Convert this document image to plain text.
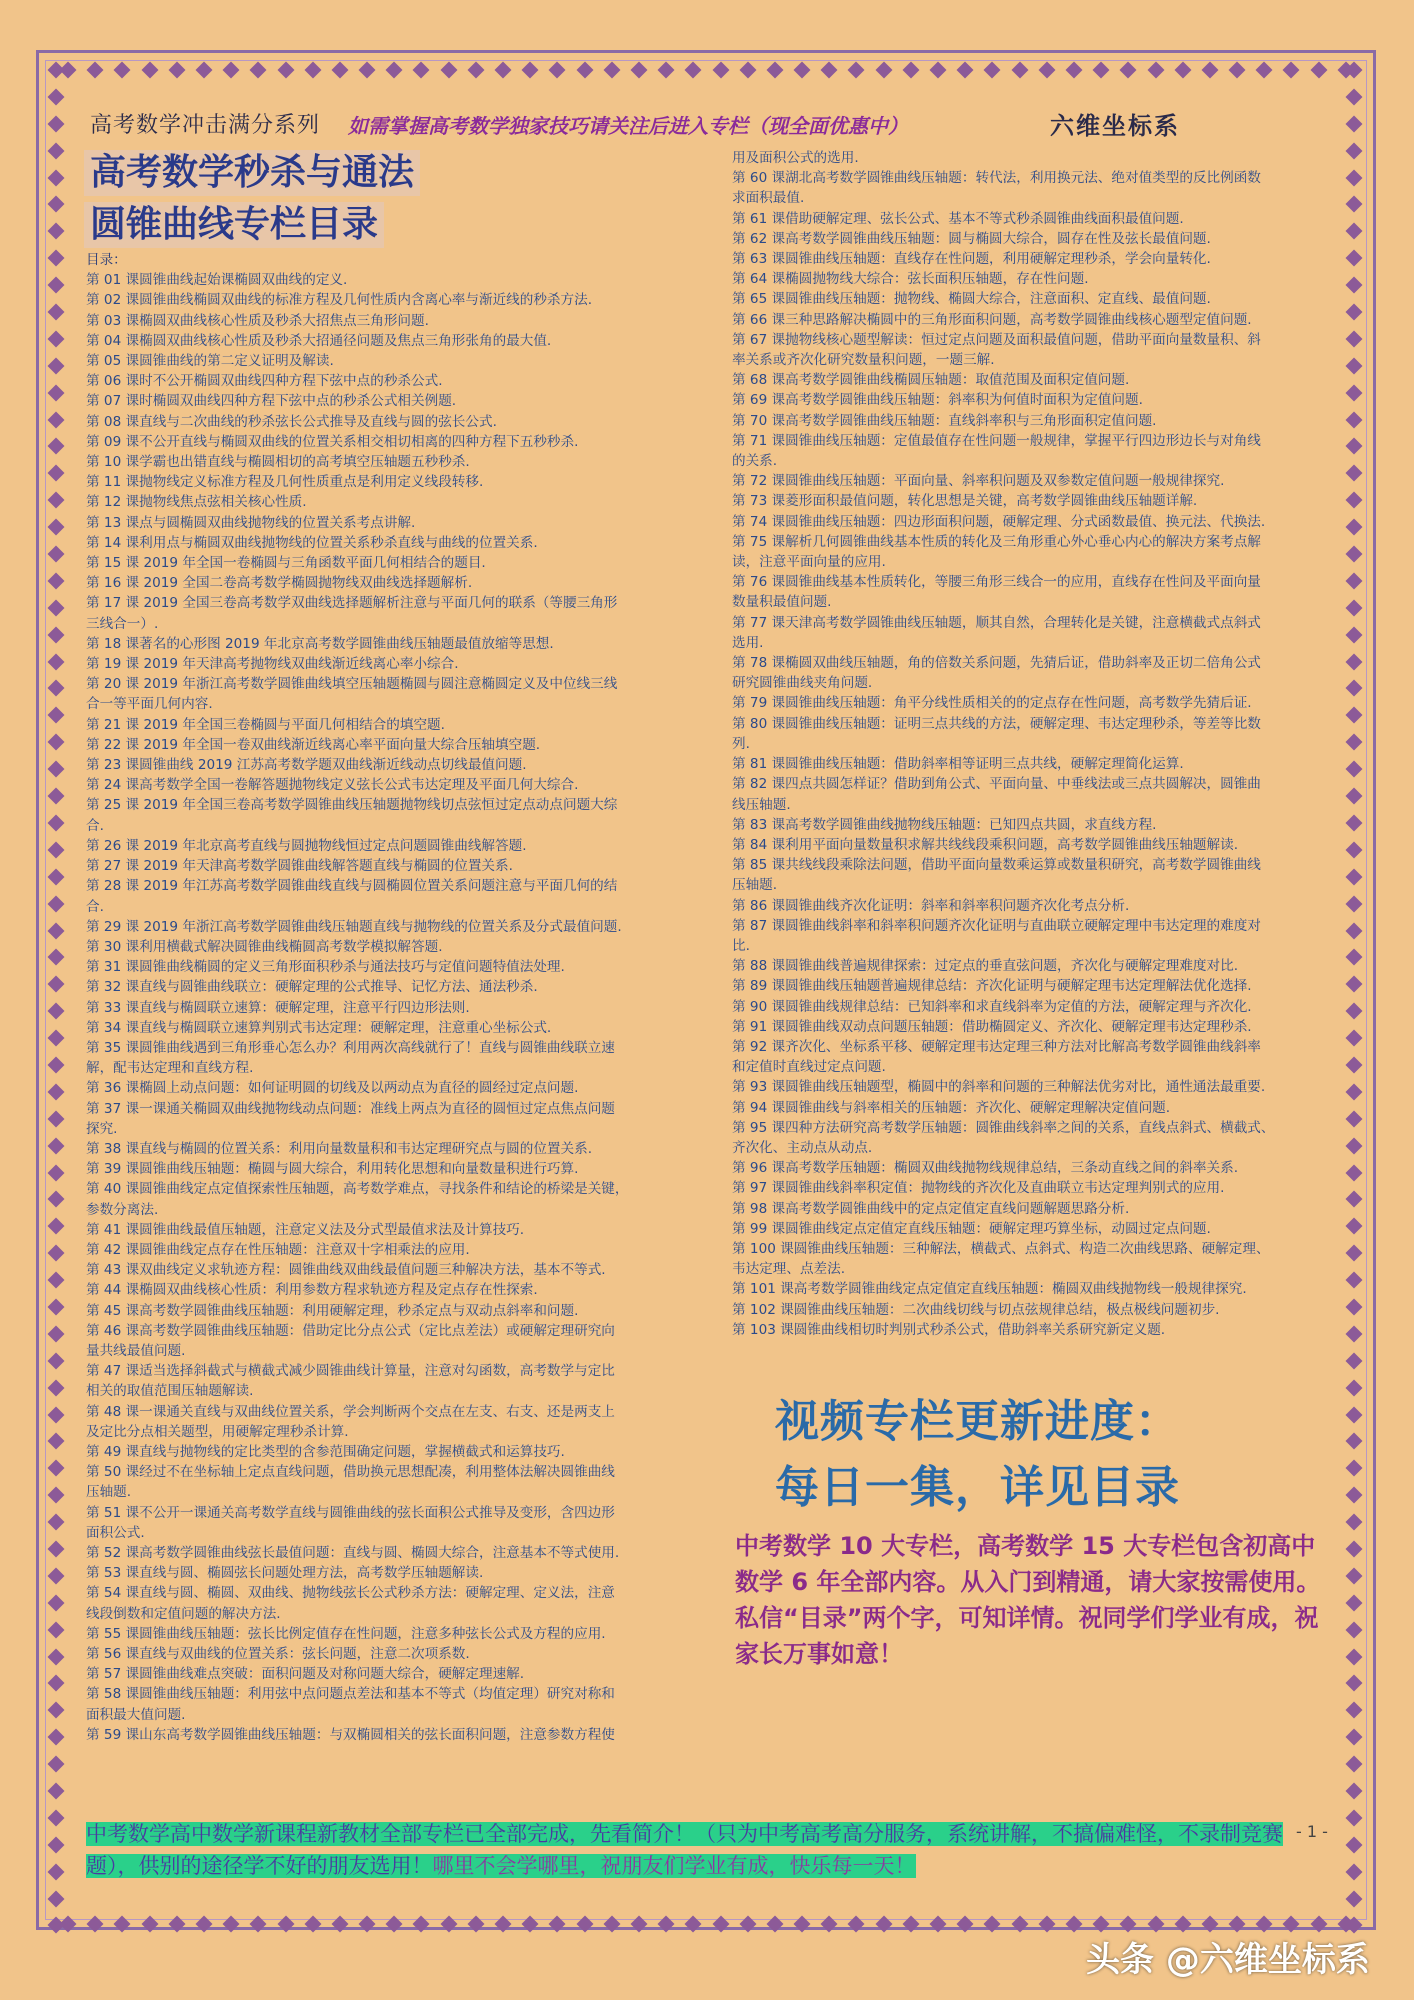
高考数学冲击满分系列 如需掌握高考数学独家技巧请关注后进入专栏（现全面优惠中）	六维坐标系
高考数学秒杀与通法
圆锥曲线专栏目录
目录：
第 01 课圆锥曲线起始课椭圆双曲线的定义.
第 02 课圆锥曲线椭圆双曲线的标准方程及几何性质内含离心率与渐近线的秒杀方法.
第 03 课椭圆双曲线核心性质及秒杀大招焦点三角形问题.
第 04 课椭圆双曲线核心性质及秒杀大招通径问题及焦点三角形张角的最大值.
第 05 课圆锥曲线的第二定义证明及解读.
第 06 课时不公开椭圆双曲线四种方程下弦中点的秒杀公式.
第 07 课时椭圆双曲线四种方程下弦中点的秒杀公式相关例题.
第 08 课直线与二次曲线的秒杀弦长公式推导及直线与圆的弦长公式.
第 09 课不公开直线与椭圆双曲线的位置关系相交相切相离的四种方程下五秒秒杀.
第 10 课学霸也出错直线与椭圆相切的高考填空压轴题五秒秒杀.
第 11 课抛物线定义标准方程及几何性质重点是利用定义线段转移.
第 12 课抛物线焦点弦相关核心性质.
第 13 课点与圆椭圆双曲线抛物线的位置关系考点讲解.
第 14 课利用点与椭圆双曲线抛物线的位置关系秒杀直线与曲线的位置关系.
第 15 课 2019 年全国一卷椭圆与三角函数平面几何相结合的题目.
第 16 课 2019 全国二卷高考数学椭圆抛物线双曲线选择题解析.
第 17 课 2019 全国三卷高考数学双曲线选择题解析注意与平面几何的联系（等腰三角形
三线合一）.
第 18 课著名的心形图 2019 年北京高考数学圆锥曲线压轴题最值放缩等思想.
第 19 课 2019 年天津高考抛物线双曲线渐近线离心率小综合.
第 20 课 2019 年浙江高考数学圆锥曲线填空压轴题椭圆与圆注意椭圆定义及中位线三线
合一等平面几何内容.
第 21 课 2019 年全国三卷椭圆与平面几何相结合的填空题.
第 22 课 2019 年全国一卷双曲线渐近线离心率平面向量大综合压轴填空题.
第 23 课圆锥曲线 2019 江苏高考数学题双曲线渐近线动点切线最值问题.
第 24 课高考数学全国一卷解答题抛物线定义弦长公式韦达定理及平面几何大综合.
第 25 课 2019 年全国三卷高考数学圆锥曲线压轴题抛物线切点弦恒过定点动点问题大综
合.
第 26 课 2019 年北京高考直线与圆抛物线恒过定点问题圆锥曲线解答题.
第 27 课 2019 年天津高考数学圆锥曲线解答题直线与椭圆的位置关系.
第 28 课 2019 年江苏高考数学圆锥曲线直线与圆椭圆位置关系问题注意与平面几何的结
合.
第 29 课 2019 年浙江高考数学圆锥曲线压轴题直线与抛物线的位置关系及分式最值问题.
第 30 课利用横截式解决圆锥曲线椭圆高考数学模拟解答题.
第 31 课圆锥曲线椭圆的定义三角形面积秒杀与通法技巧与定值问题特值法处理.
第 32 课直线与圆锥曲线联立：硬解定理的公式推导、记忆方法、通法秒杀.
第 33 课直线与椭圆联立速算：硬解定理，注意平行四边形法则.
第 34 课直线与椭圆联立速算判别式韦达定理：硬解定理，注意重心坐标公式.
第 35 课圆锥曲线遇到三角形垂心怎么办？利用两次高线就行了！直线与圆锥曲线联立速
解，配韦达定理和直线方程.
第 36 课椭圆上动点问题：如何证明圆的切线及以两动点为直径的圆经过定点问题.
第 37 课一课通关椭圆双曲线抛物线动点问题：准线上两点为直径的圆恒过定点焦点问题
探究.
第 38 课直线与椭圆的位置关系：利用向量数量积和韦达定理研究点与圆的位置关系.
第 39 课圆锥曲线压轴题：椭圆与圆大综合，利用转化思想和向量数量积进行巧算.
第 40 课圆锥曲线定点定值探索性压轴题，高考数学难点，寻找条件和结论的桥梁是关键，
参数分离法.
第 41 课圆锥曲线最值压轴题，注意定义法及分式型最值求法及计算技巧.
第 42 课圆锥曲线定点存在性压轴题：注意双十字相乘法的应用.
第 43 课双曲线定义求轨迹方程：圆锥曲线双曲线最值问题三种解决方法，基本不等式.
第 44 课椭圆双曲线核心性质：利用参数方程求轨迹方程及定点存在性探索.
第 45 课高考数学圆锥曲线压轴题：利用硬解定理，秒杀定点与双动点斜率和问题.
第 46 课高考数学圆锥曲线压轴题：借助定比分点公式（定比点差法）或硬解定理研究向
量共线最值问题.
第 47 课适当选择斜截式与横截式减少圆锥曲线计算量，注意对勾函数，高考数学与定比
相关的取值范围压轴题解读.
第 48 课一课通关直线与双曲线位置关系，学会判断两个交点在左支、右支、还是两支上
及定比分点相关题型，用硬解定理秒杀计算.
第 49 课直线与抛物线的定比类型的含参范围确定问题，掌握横截式和运算技巧.
第 50 课经过不在坐标轴上定点直线问题，借助换元思想配凑，利用整体法解决圆锥曲线
压轴题.
第 51 课不公开一课通关高考数学直线与圆锥曲线的弦长面积公式推导及变形，含四边形
面积公式.
第 52 课高考数学圆锥曲线弦长最值问题：直线与圆、椭圆大综合，注意基本不等式使用.
第 53 课直线与圆、椭圆弦长问题处理方法，高考数学压轴题解读.
第 54 课直线与圆、椭圆、双曲线、抛物线弦长公式秒杀方法：硬解定理、定义法，注意
线段倒数和定值问题的解决方法.
第 55 课圆锥曲线压轴题：弦长比例定值存在性问题，注意多种弦长公式及方程的应用.
第 56 课直线与双曲线的位置关系：弦长问题，注意二次项系数.
第 57 课圆锥曲线难点突破：面积问题及对称问题大综合，硬解定理速解.
第 58 课圆锥曲线压轴题：利用弦中点问题点差法和基本不等式（均值定理）研究对称和
面积最大值问题.
第 59 课山东高考数学圆锥曲线压轴题：与双椭圆相关的弦长面积问题，注意参数方程使
用及面积公式的选用.
第 60 课湖北高考数学圆锥曲线压轴题：转代法，利用换元法、绝对值类型的反比例函数
求面积最值.
第 61 课借助硬解定理、弦长公式、基本不等式秒杀圆锥曲线面积最值问题.
第 62 课高考数学圆锥曲线压轴题：圆与椭圆大综合，圆存在性及弦长最值问题.
第 63 课圆锥曲线压轴题：直线存在性问题，利用硬解定理秒杀，学会向量转化.
第 64 课椭圆抛物线大综合：弦长面积压轴题，存在性问题.
第 65 课圆锥曲线压轴题：抛物线、椭圆大综合，注意面积、定直线、最值问题.
第 66 课三种思路解决椭圆中的三角形面积问题，高考数学圆锥曲线核心题型定值问题.
第 67 课抛物线核心题型解读：恒过定点问题及面积最值问题，借助平面向量数量积、斜
率关系或齐次化研究数量积问题，一题三解.
第 68 课高考数学圆锥曲线椭圆压轴题：取值范围及面积定值问题.
第 69 课高考数学圆锥曲线压轴题：斜率积为何值时面积为定值问题.
第 70 课高考数学圆锥曲线压轴题：直线斜率积与三角形面积定值问题.
第 71 课圆锥曲线压轴题：定值最值存在性问题一般规律，掌握平行四边形边长与对角线
的关系.
第 72 课圆锥曲线压轴题：平面向量、斜率积问题及双参数定值问题一般规律探究.
第 73 课菱形面积最值问题，转化思想是关键，高考数学圆锥曲线压轴题详解.
第 74 课圆锥曲线压轴题：四边形面积问题，硬解定理、分式函数最值、换元法、代换法.
第 75 课解析几何圆锥曲线基本性质的转化及三角形重心外心垂心内心的解决方案考点解
读，注意平面向量的应用.
第 76 课圆锥曲线基本性质转化，等腰三角形三线合一的应用，直线存在性问及平面向量
数量积最值问题.
第 77 课天津高考数学圆锥曲线压轴题，顺其自然，合理转化是关键，注意横截式点斜式
选用.
第 78 课椭圆双曲线压轴题，角的倍数关系问题，先猜后证，借助斜率及正切二倍角公式
研究圆锥曲线夹角问题.
第 79 课圆锥曲线压轴题：角平分线性质相关的的定点存在性问题，高考数学先猜后证.
第 80 课圆锥曲线压轴题：证明三点共线的方法，硬解定理、韦达定理秒杀，等差等比数
列.
第 81 课圆锥曲线压轴题：借助斜率相等证明三点共线，硬解定理简化运算.
第 82 课四点共圆怎样证？借助到角公式、平面向量、中垂线法或三点共圆解决，圆锥曲
线压轴题.
第 83 课高考数学圆锥曲线抛物线压轴题：已知四点共圆，求直线方程.
第 84 课利用平面向量数量积求解共线线段乘积问题，高考数学圆锥曲线压轴题解读.
第 85 课共线线段乘除法问题，借助平面向量数乘运算或数量积研究，高考数学圆锥曲线
压轴题.
第 86 课圆锥曲线齐次化证明：斜率和斜率积问题齐次化考点分析.
第 87 课圆锥曲线斜率和斜率积问题齐次化证明与直曲联立硬解定理中韦达定理的难度对
比.
第 88 课圆锥曲线普遍规律探索：过定点的垂直弦问题，齐次化与硬解定理难度对比.
第 89 课圆锥曲线压轴题普遍规律总结：齐次化证明与硬解定理韦达定理解法优化选择.
第 90 课圆锥曲线规律总结：已知斜率和求直线斜率为定值的方法，硬解定理与齐次化.
第 91 课圆锥曲线双动点问题压轴题：借助椭圆定义、齐次化、硬解定理韦达定理秒杀.
第 92 课齐次化、坐标系平移、硬解定理韦达定理三种方法对比解高考数学圆锥曲线斜率
和定值时直线过定点问题.
第 93 课圆锥曲线压轴题型，椭圆中的斜率和问题的三种解法优劣对比，通性通法最重要.
第 94 课圆锥曲线与斜率相关的压轴题：齐次化、硬解定理解决定值问题.
第 95 课四种方法研究高考数学压轴题：圆锥曲线斜率之间的关系，直线点斜式、横截式、
齐次化、主动点从动点.
第 96 课高考数学压轴题：椭圆双曲线抛物线规律总结，三条动直线之间的斜率关系.
第 97 课圆锥曲线斜率积定值：抛物线的齐次化及直曲联立韦达定理判别式的应用.
第 98 课高考数学圆锥曲线中的定点定值定直线问题解题思路分析.
第 99 课圆锥曲线定点定值定直线压轴题：硬解定理巧算坐标，动圆过定点问题.
第 100 课圆锥曲线压轴题：三种解法，横截式、点斜式、构造二次曲线思路、硬解定理、
韦达定理、点差法.
第 101 课高考数学圆锥曲线定点定值定直线压轴题：椭圆双曲线抛物线一般规律探究.
第 102 课圆锥曲线压轴题：二次曲线切线与切点弦规律总结，极点极线问题初步.
第 103 课圆锥曲线相切时判别式秒杀公式，借助斜率关系研究新定义题.
视频专栏更新进度：
每日一集，详见目录
中考数学 10 大专栏，高考数学 15 大专栏包含初高中数学 6 年全部内容。从入门到精通，请大家按需使用。私信“目录”两个字，可知详情。祝同学们学业有成，祝家长万事如意！
中考数学高中数学新课程新教材全部专栏已全部完成，先看简介！（只为中考高考高分服务，系统讲解，不搞偏难怪，不录制竞赛题），供别的途径学不好的朋友选用！哪里不会学哪里，祝朋友们学业有成，快乐每一天！
- 1 -
头条 @六维坐标系
